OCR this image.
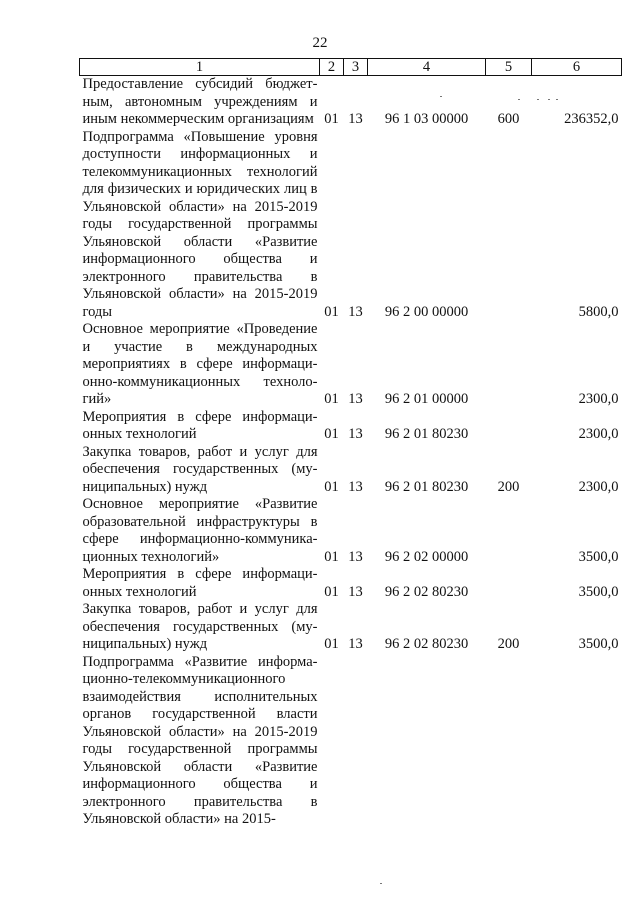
22
1	2	3	4	5	6
Предоставление субсидий бюджетным, автономным учреждениям и иным некоммерческим организациям	01	13	96 1 03 00000	600	236352,0
Подпрограмма «Повышение уровня доступности информационных и телекоммуникационных технологий для физических и юридических лиц в Ульяновской области» на 2015-2019 годы государственной программы Ульяновской области «Развитие информационного общества и электронного правительства в Ульяновской области» на 2015-2019 годы	01	13	96 2 00 00000		5800,0
Основное мероприятие «Проведение и участие в международных мероприятиях в сфере информационно-коммуникационных технологий»	01	13	96 2 01 00000		2300,0
Мероприятия в сфере информационных технологий	01	13	96 2 01 80230		2300,0
Закупка товаров, работ и услуг для обеспечения государственных (муниципальных) нужд	01	13	96 2 01 80230	200	2300,0
Основное мероприятие «Развитие образовательной инфраструктуры в сфере информационно-коммуникационных технологий»	01	13	96 2 02 00000		3500,0
Мероприятия в сфере информационных технологий	01	13	96 2 02 80230		3500,0
Закупка товаров, работ и услуг для обеспечения государственных (муниципальных) нужд	01	13	96 2 02 80230	200	3500,0
Подпрограмма «Развитие информационно-телекоммуникационного взаимодействия исполнительных органов государственной власти Ульяновской области» на 2015-2019 годы государственной программы Ульяновской области «Развитие информационного общества и электронного правительства в Ульяновской области» на 2015-					
